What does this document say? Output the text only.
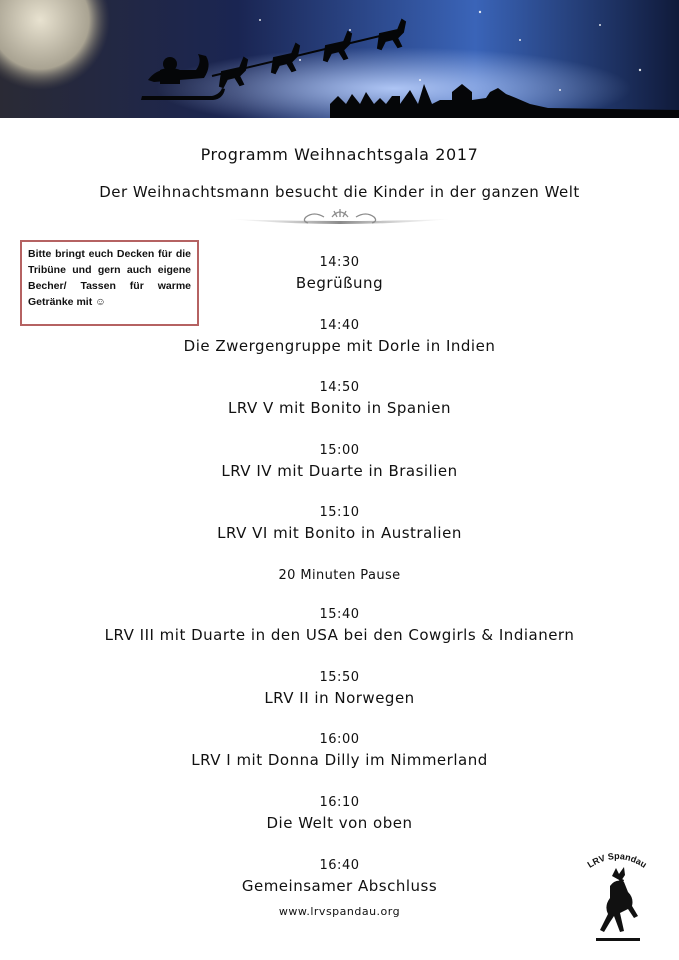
Programm Weihnachtsgala 2017
Der Weihnachtsmann besucht die Kinder in der ganzen Welt
Bitte bringt euch Decken für die Tribüne und gern auch eigene Becher/ Tassen für warme Getränke mit ☺
14:30
Begrüßung
14:40
Die Zwergengruppe mit Dorle in Indien
14:50
LRV V mit Bonito in Spanien
15:00
LRV IV mit Duarte in Brasilien
15:10
LRV VI mit Bonito in Australien
20 Minuten Pause
15:40
LRV III mit Duarte in den USA bei den Cowgirls & Indianern
15:50
LRV II in Norwegen
16:00
LRV I mit Donna Dilly im Nimmerland
16:10
Die Welt von oben
16:40
Gemeinsamer Abschluss
www.lrvspandau.org
LRV Spandau
